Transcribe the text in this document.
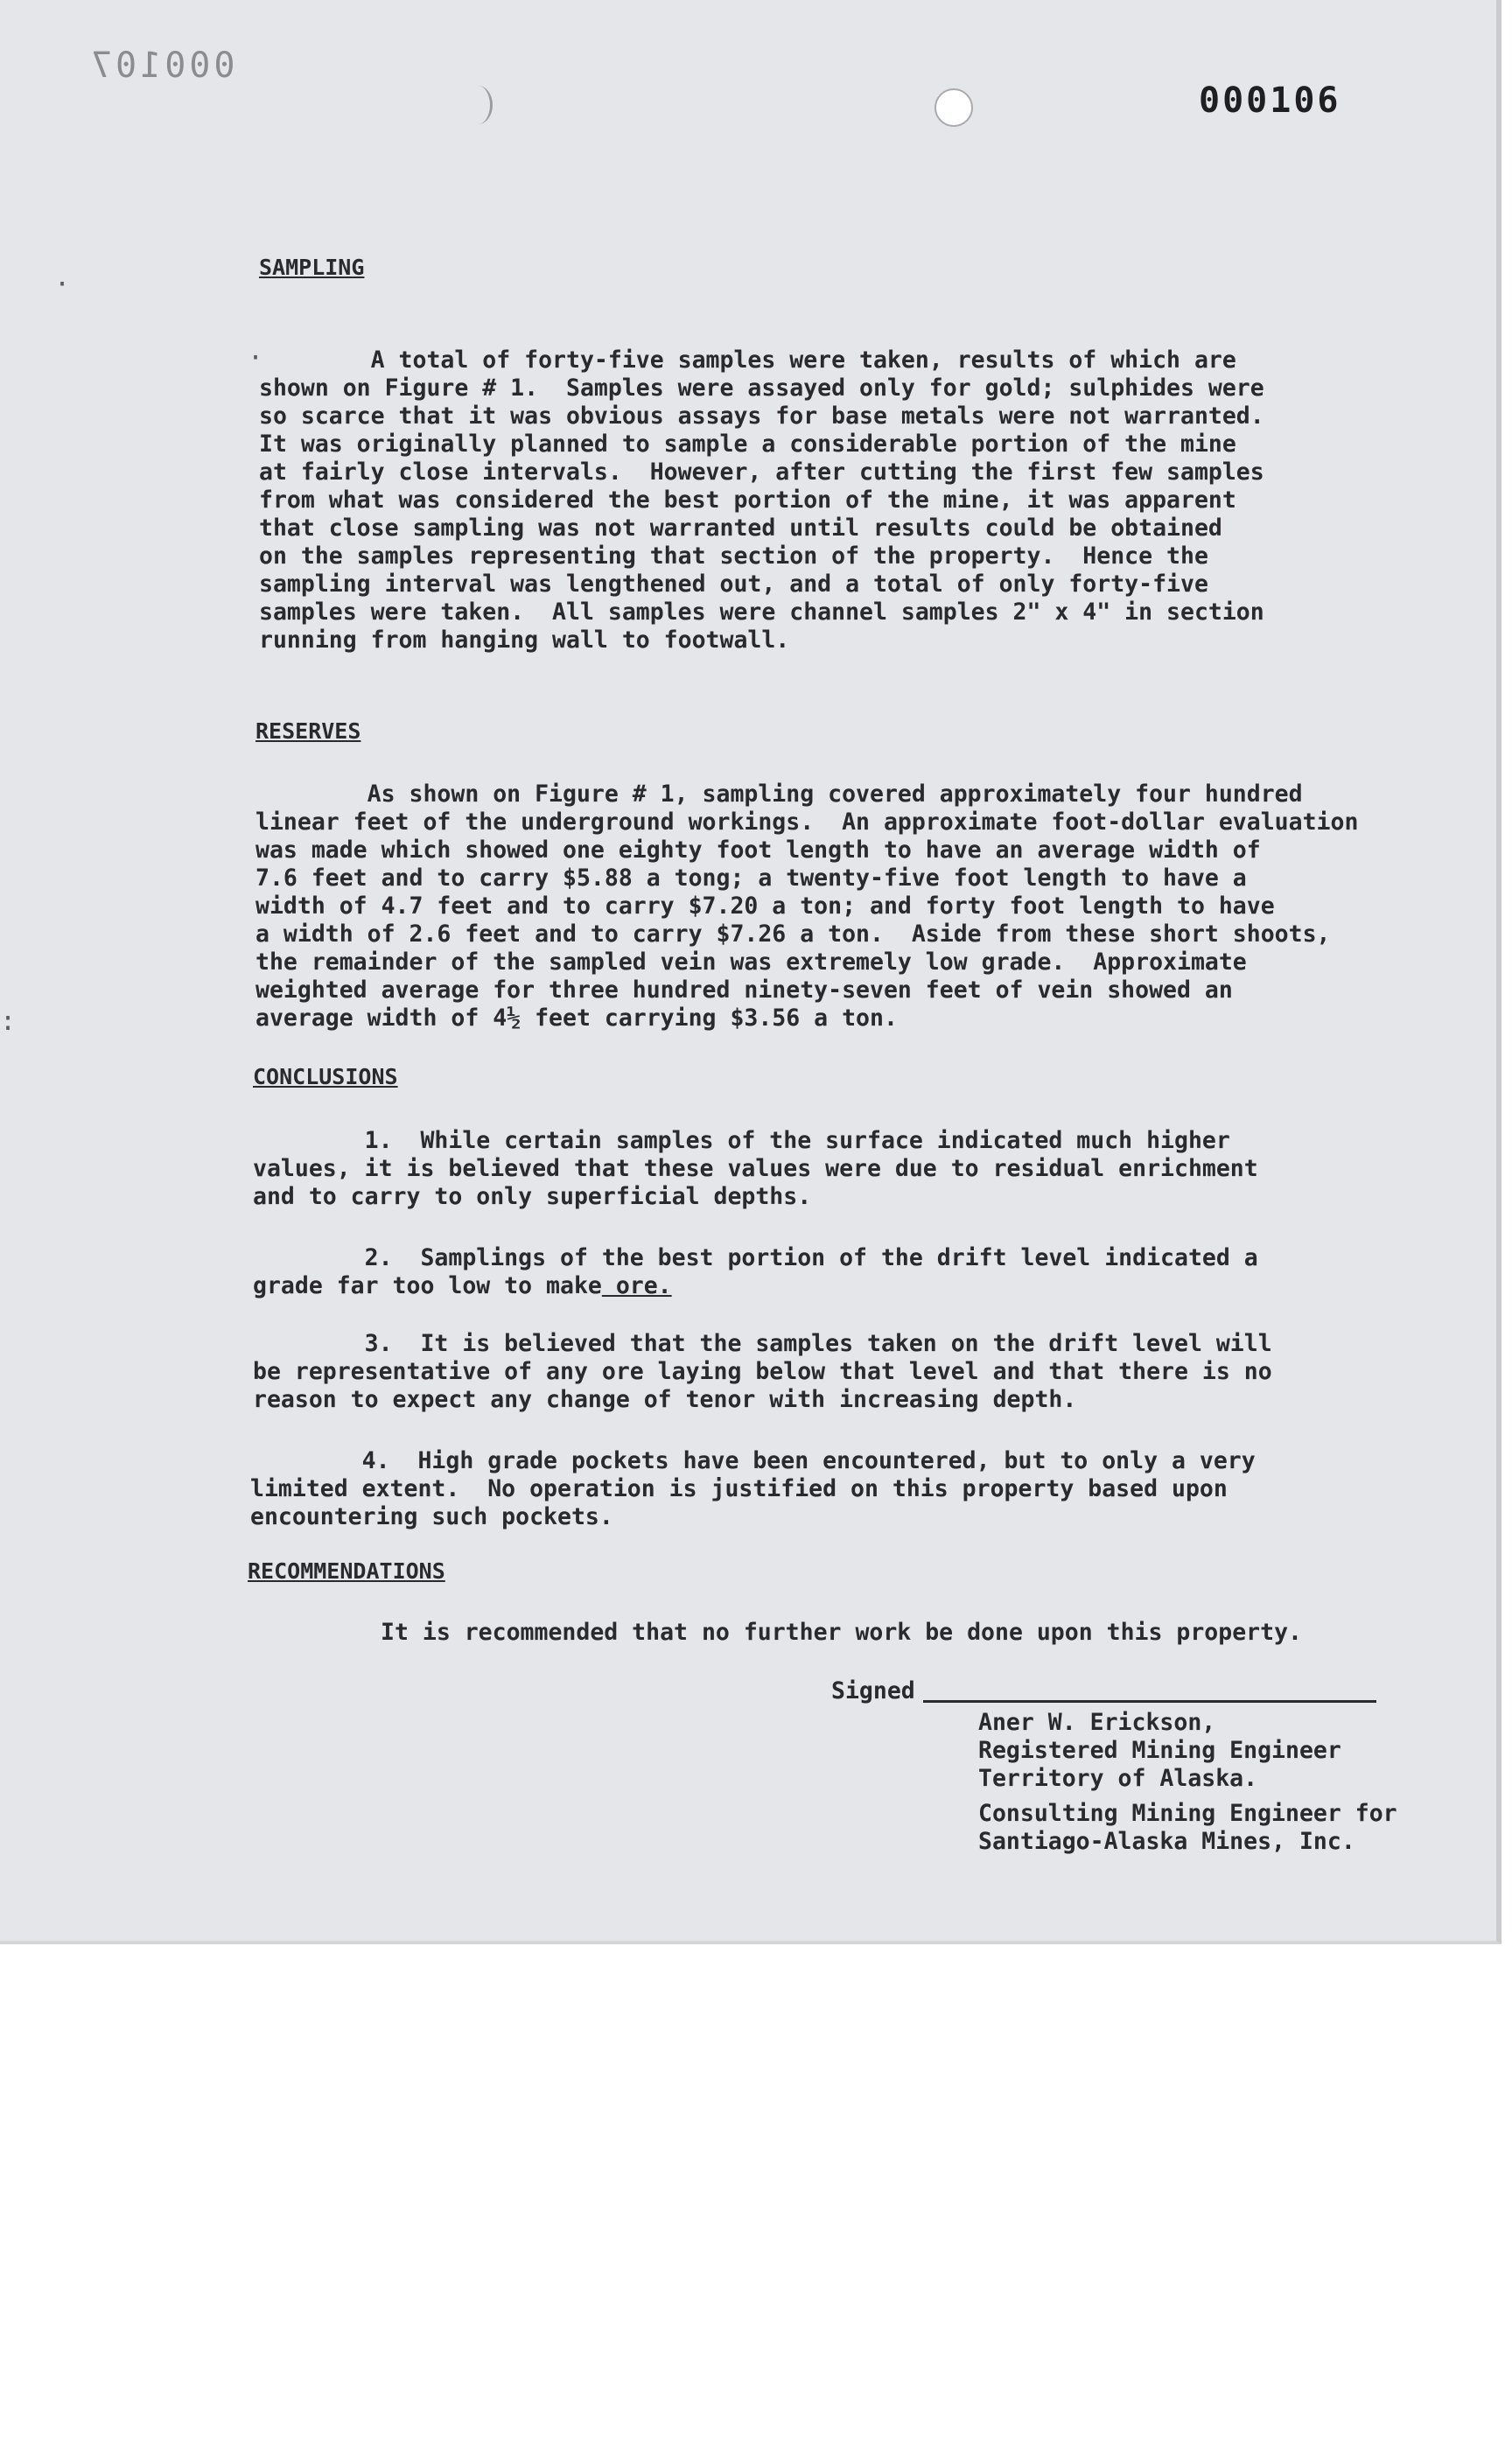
000107
000106
·
·
:

SAMPLING

A total of forty-five samples were taken, results of which are

shown on Figure # 1.  Samples were assayed only for gold; sulphides were

so scarce that it was obvious assays for base metals were not warranted.

It was originally planned to sample a considerable portion of the mine

at fairly close intervals.  However, after cutting the first few samples

from what was considered the best portion of the mine, it was apparent

that close sampling was not warranted until results could be obtained

on the samples representing that section of the property.  Hence the

sampling interval was lengthened out, and a total of only forty-five

samples were taken.  All samples were channel samples 2" x 4" in section

running from hanging wall to footwall.

RESERVES

As shown on Figure # 1, sampling covered approximately four hundred

linear feet of the underground workings.  An approximate foot-dollar evaluation

was made which showed one eighty foot length to have an average width of

7.6 feet and to carry $5.88 a tong; a twenty-five foot length to have a

width of 4.7 feet and to carry $7.20 a ton; and forty foot length to have

a width of 2.6 feet and to carry $7.26 a ton.  Aside from these short shoots,

the remainder of the sampled vein was extremely low grade.  Approximate

weighted average for three hundred ninety-seven feet of vein showed an

average width of 4½ feet carrying $3.56 a ton.

CONCLUSIONS

1.  While certain samples of the surface indicated much higher

values, it is believed that these values were due to residual enrichment

and to carry to only superficial depths.

2.  Samplings of the best portion of the drift level indicated a

grade far too low to make ore.

3.  It is believed that the samples taken on the drift level will

be representative of any ore laying below that level and that there is no

reason to expect any change of tenor with increasing depth.

4.  High grade pockets have been encountered, but to only a very

limited extent.  No operation is justified on this property based upon

encountering such pockets.

RECOMMENDATIONS

It is recommended that no further work be done upon this property.

Signed

Aner W. Erickson,

Registered Mining Engineer

Territory of Alaska.

Consulting Mining Engineer for

Santiago-Alaska Mines, Inc.
